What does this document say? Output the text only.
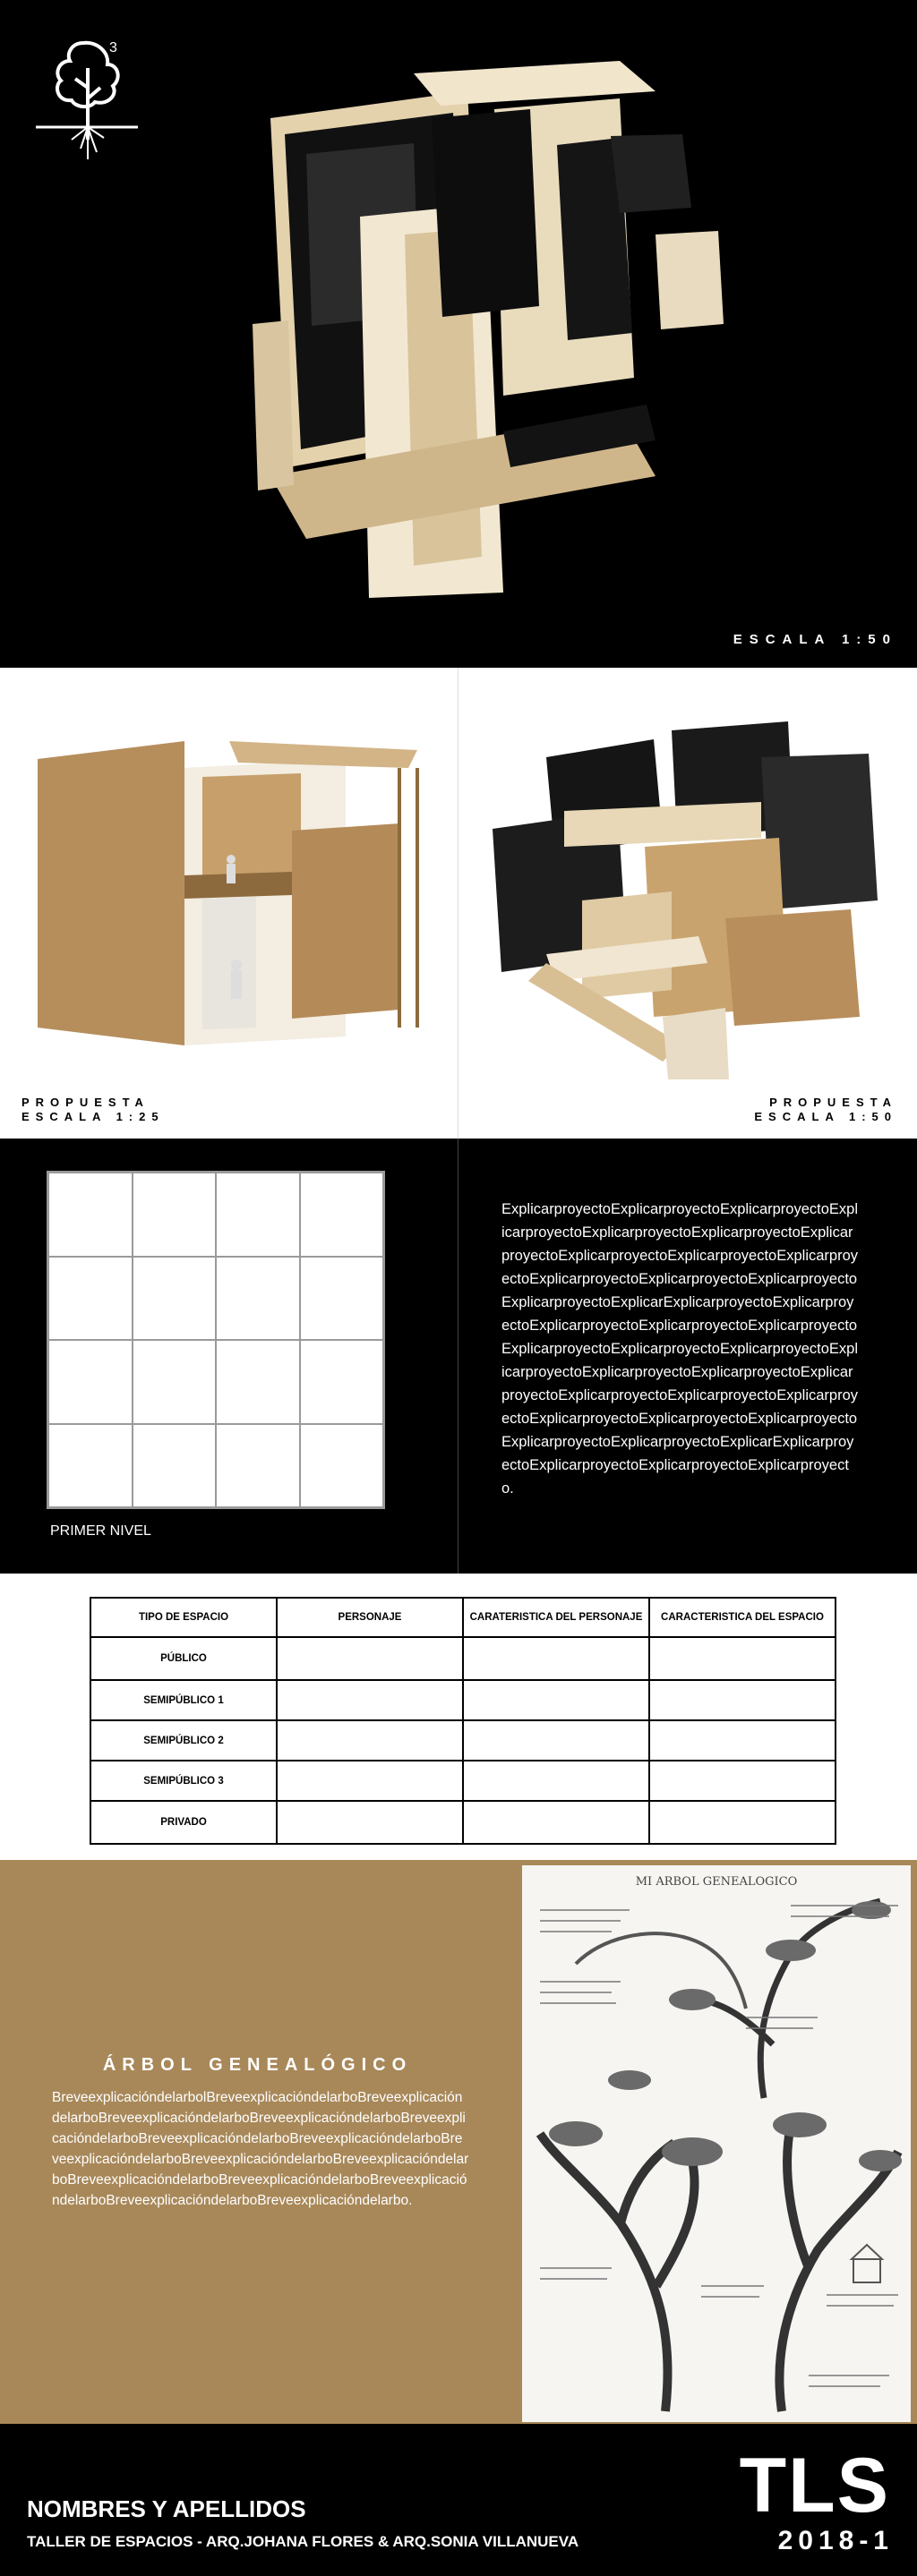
3
ESCALA 1:50
PROPUESTA
ESCALA 1:25
PROPUESTA
ESCALA 1:50
PRIMER NIVEL
ExplicarproyectoExplicarproyectoExplicarproyectoExplicarproyectoExplicarproyectoExplicarproyectoExplicarproyectoExplicarproyectoExplicarproyectoExplicarproyectoExplicarproyectoExplicarproyectoExplicarproyectoExplicarproyectoExplicarExplicarproyectoExplicarproyectoExplicarproyectoExplicarproyectoExplicarproyectoExplicarproyectoExplicarproyectoExplicarproyectoExplicarproyectoExplicarproyectoExplicarproyectoExplicarproyectoExplicarproyectoExplicarproyectoExplicarproyectoExplicarproyectoExplicarproyectoExplicarproyectoExplicarproyectoExplicarproyectoExplicarExplicarproyectoExplicarproyectoExplicarproyectoExplicarproyecto.
TIPO DE ESPACIO	PERSONAJE	CARATERISTICA DEL PERSONAJE	CARACTERISTICA DEL ESPACIO
PÚBLICO			
SEMIPÚBLICO 1			
SEMIPÚBLICO 2			
SEMIPÚBLICO 3			
PRIVADO			
ÁRBOL GENEALÓGICO
BreveexplicacióndelarbolBreveexplicacióndelarboBreveexplicacióndelarboBreveexplicacióndelarboBreveexplicacióndelarboBreveexplicacióndelarboBreveexplicacióndelarboBreveexplicacióndelarboBreveexplicacióndelarboBreveexplicacióndelarboBreveexplicacióndelarboBreveexplicacióndelarboBreveexplicacióndelarboBreveexplicacióndelarboBreveexplicacióndelarboBreveexplicacióndelarbo.
MI ARBOL GENEALOGICO
NOMBRES Y APELLIDOS
TALLER DE ESPACIOS - ARQ.JOHANA FLORES & ARQ.SONIA VILLANUEVA
TLS
2018-1
